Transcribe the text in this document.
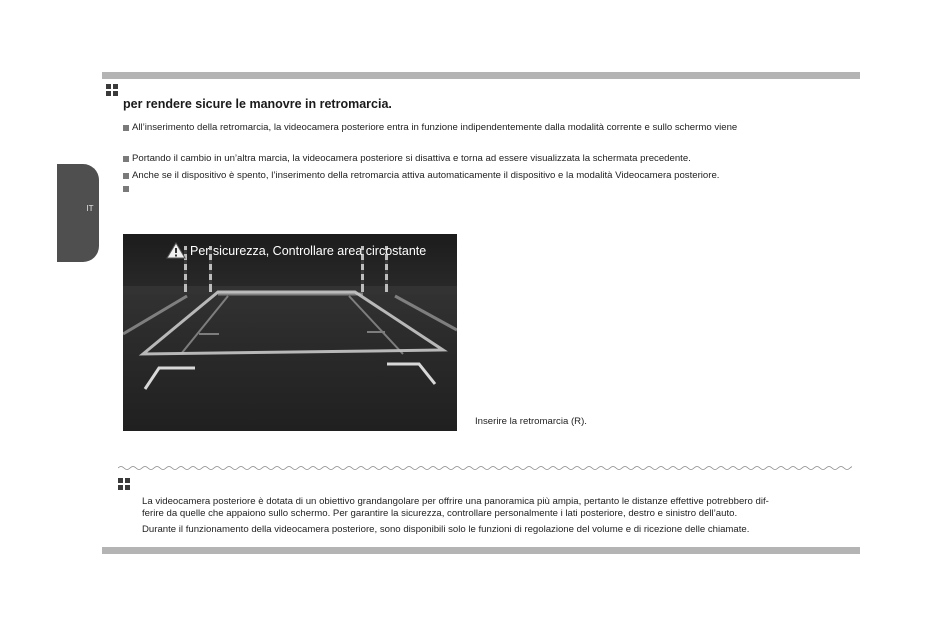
IT
per rendere sicure le manovre in retromarcia.
All’inserimento della retromarcia, la videocamera posteriore entra in funzione indipendentemente dalla modalità corrente e sullo schermo viene
Portando il cambio in un’altra marcia, la videocamera posteriore si disattiva e torna ad essere visualizzata la schermata precedente.
Anche se il dispositivo è spento, l’inserimento della retromarcia attiva automaticamente il dispositivo e la modalità Videocamera posteriore.
Per sicurezza, Controllare area circostante
Inserire la retromarcia (R).
La videocamera posteriore è dotata di un obiettivo grandangolare per offrire una panoramica più ampia, pertanto le distanze effettive potrebbero dif-
ferire da quelle che appaiono sullo schermo. Per garantire la sicurezza, controllare personalmente i lati posteriore, destro e sinistro dell’auto.
Durante il funzionamento della videocamera posteriore, sono disponibili solo le funzioni di regolazione del volume e di ricezione delle chiamate.
